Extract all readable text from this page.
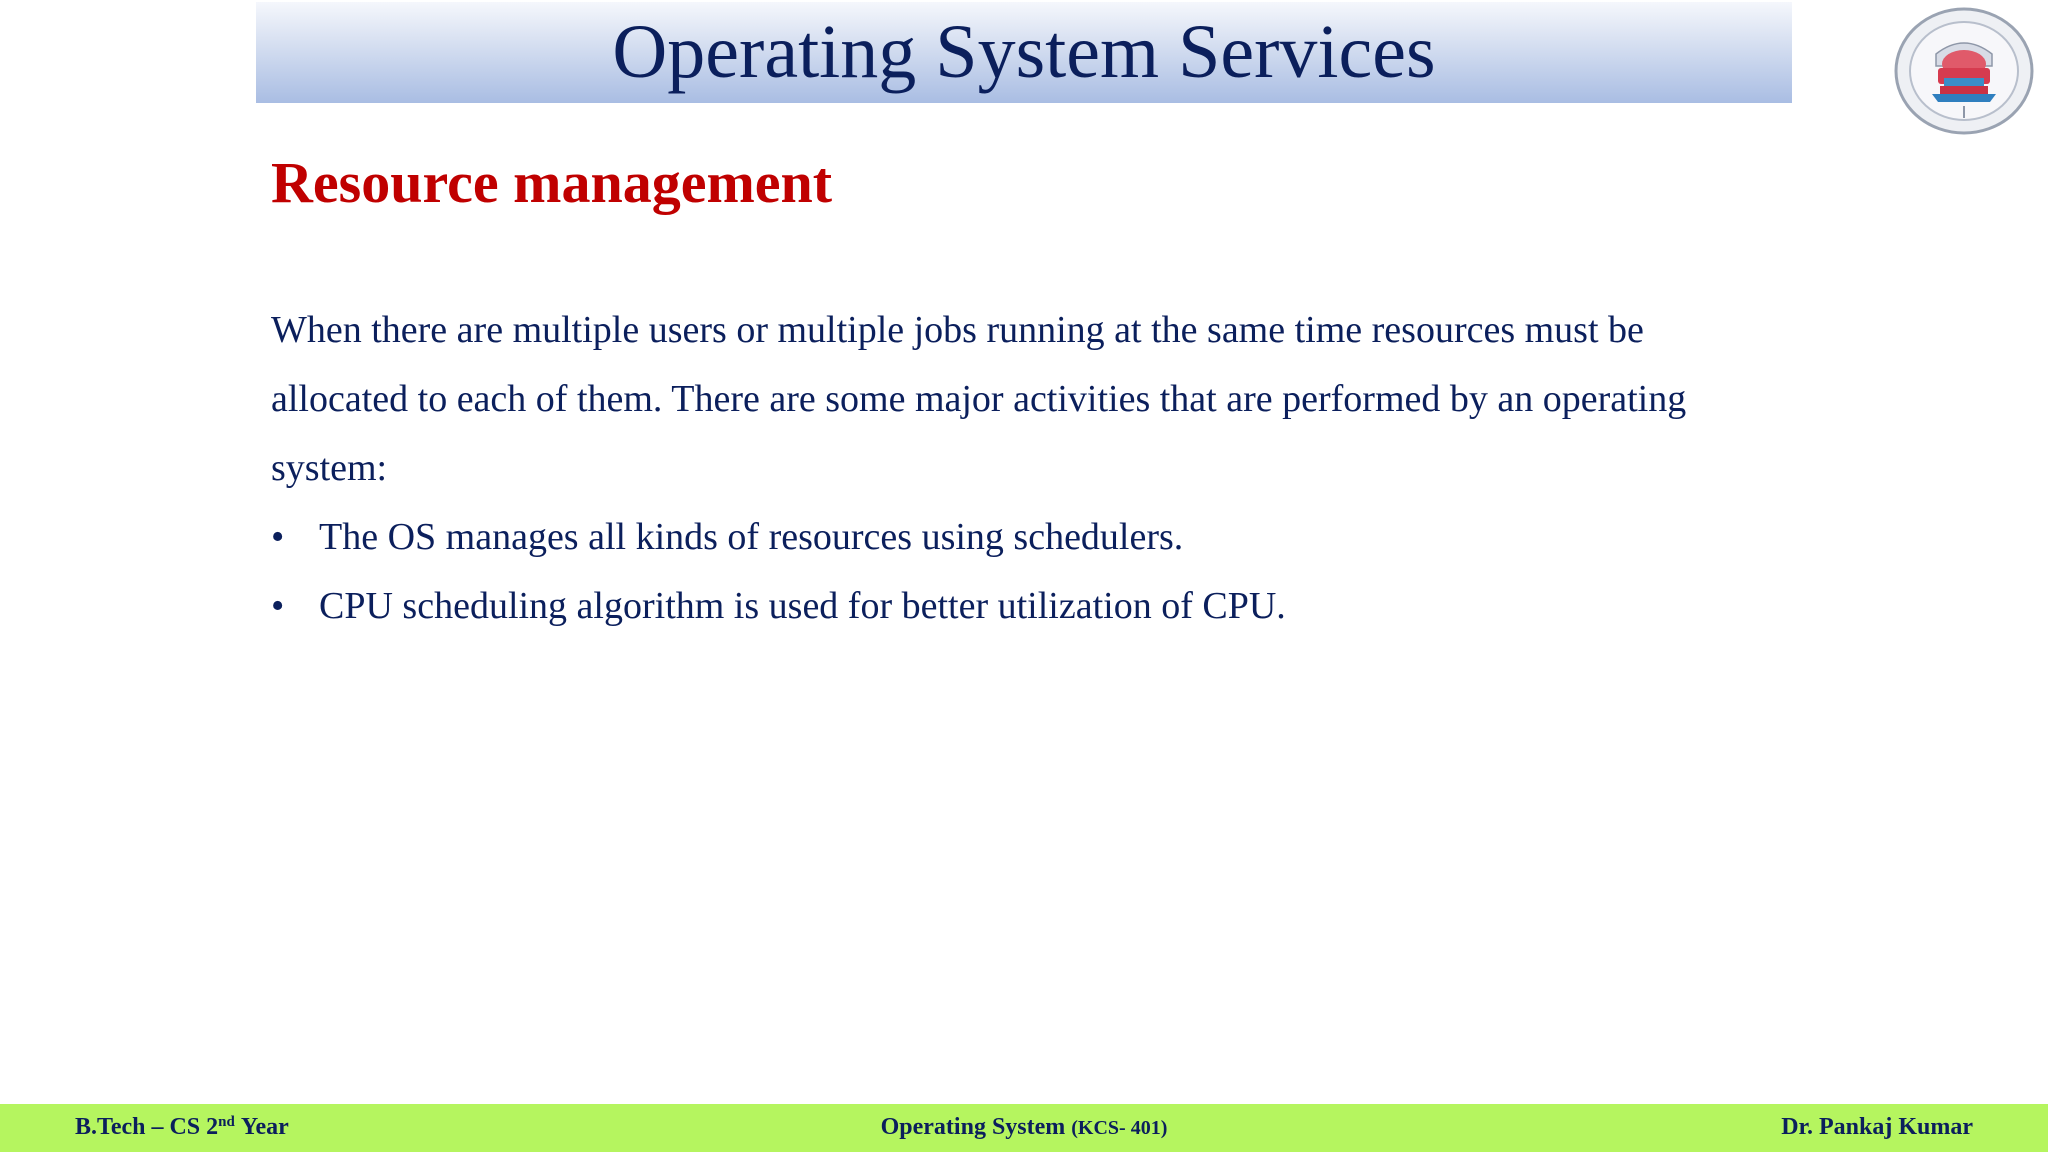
Operating System Services
Resource management

When there are multiple users or multiple jobs running at the same time resources must be allocated to each of them. There are some major activities that are performed by an operating system:

• The OS manages all kinds of resources using schedulers.
• CPU scheduling algorithm is used for better utilization of CPU.
B.Tech – CS 2nd Year	Operating System (KCS- 401)	Dr. Pankaj Kumar
